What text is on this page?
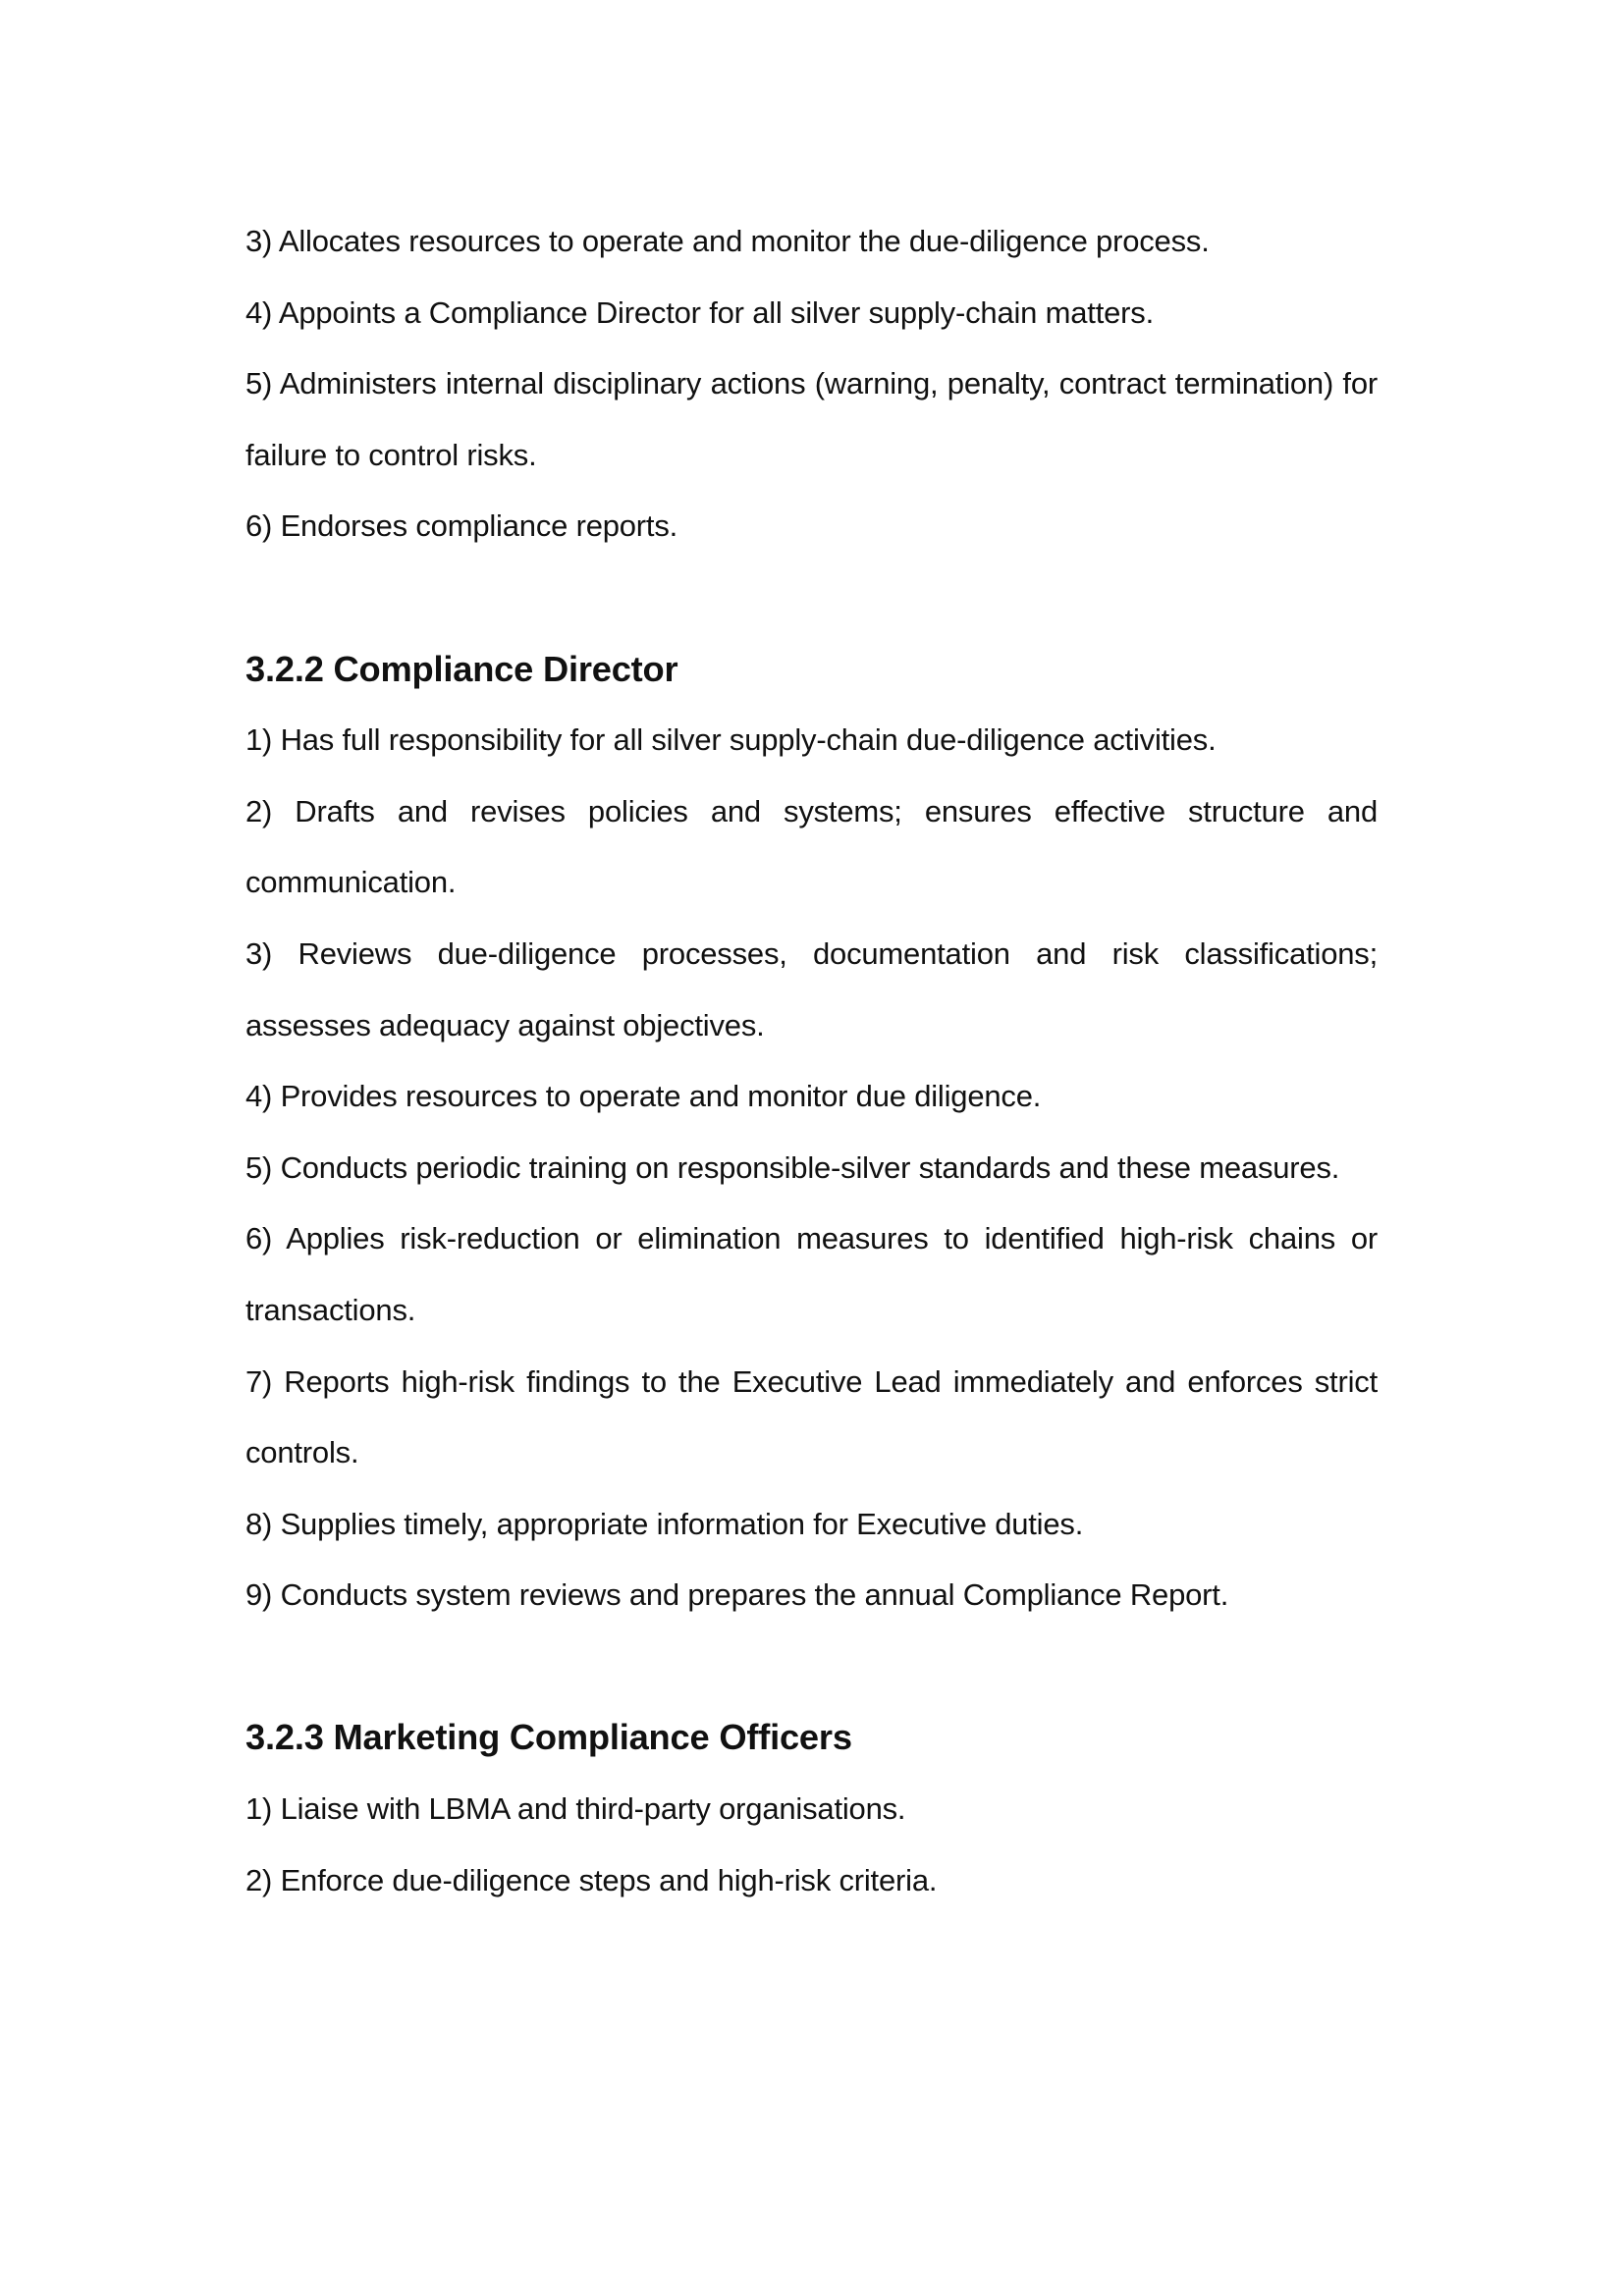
3) Allocates resources to operate and monitor the due-diligence process.

4) Appoints a Compliance Director for all silver supply-chain matters.

5) Administers internal disciplinary actions (warning, penalty, contract termination) for failure to control risks.

6) Endorses compliance reports.

3.2.2 Compliance Director

1) Has full responsibility for all silver supply-chain due-diligence activities.

2) Drafts and revises policies and systems; ensures effective structure and communication.

3) Reviews due-diligence processes, documentation and risk classifications; assesses adequacy against objectives.

4) Provides resources to operate and monitor due diligence.

5) Conducts periodic training on responsible-silver standards and these measures.

6) Applies risk-reduction or elimination measures to identified high-risk chains or transactions.

7) Reports high-risk findings to the Executive Lead immediately and enforces strict controls.

8) Supplies timely, appropriate information for Executive duties.

9) Conducts system reviews and prepares the annual Compliance Report.

3.2.3 Marketing Compliance Officers

1) Liaise with LBMA and third-party organisations.

2) Enforce due-diligence steps and high-risk criteria.
